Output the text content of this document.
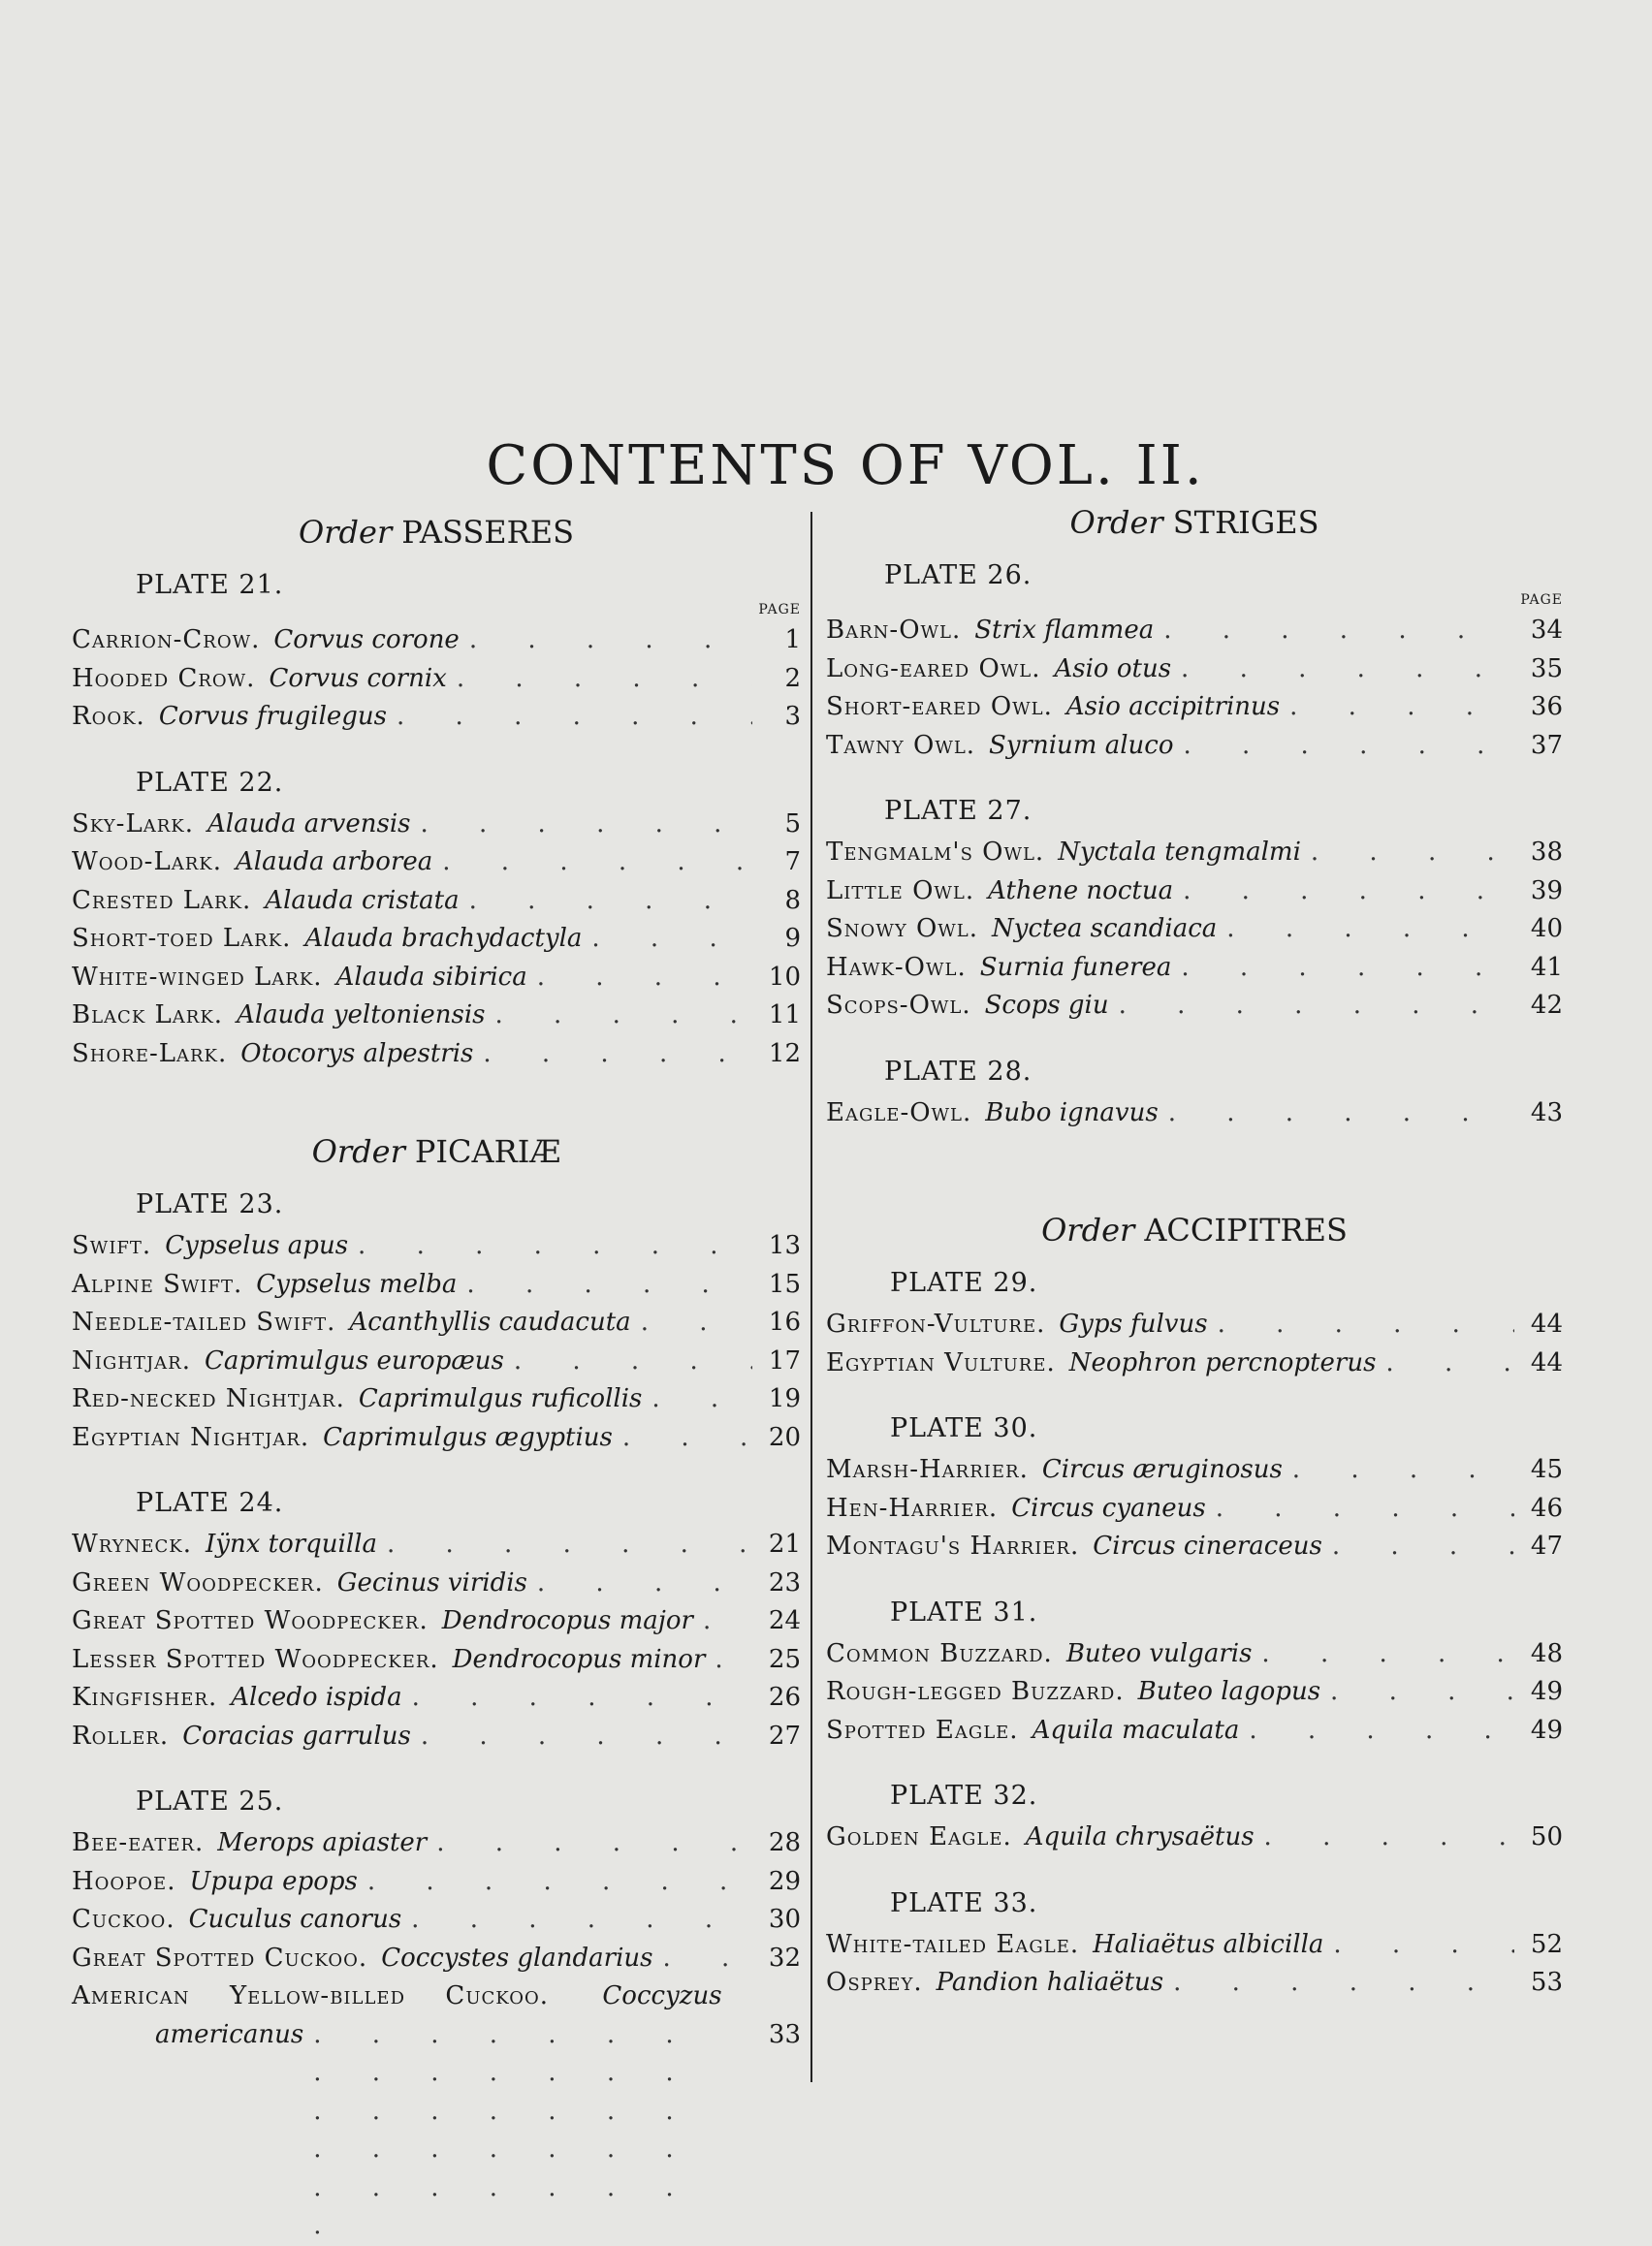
CONTENTS OF VOL. II.
Order PASSERES
PLATE 21.
PAGE
Carrion-Crow. Corvus corone . . .	1
Hooded Crow. Corvus cornix . . .	2
Rook. Corvus frugilegus . . .	3
PLATE 22.
Sky-Lark. Alauda arvensis . . .	5
Wood-Lark. Alauda arborea . . .	7
Crested Lark. Alauda cristata . . .	8
Short-toed Lark. Alauda brachydactyla . . .	9
White-winged Lark. Alauda sibirica . . .	10
Black Lark. Alauda yeltoniensis . . .	11
Shore-Lark. Otocorys alpestris . . .	12
Order PICARIÆ
PLATE 23.
Swift. Cypselus apus . . .	13
Alpine Swift. Cypselus melba . . .	15
Needle-tailed Swift. Acanthyllis caudacuta . . .	16
Nightjar. Caprimulgus europæus . . .	17
Red-necked Nightjar. Caprimulgus ruficollis . . .	19
Egyptian Nightjar. Caprimulgus ægyptius . . .	20
PLATE 24.
Wryneck. Iÿnx torquilla . . .	21
Green Woodpecker. Gecinus viridis . . .	23
Great Spotted Woodpecker. Dendrocopus major . . .	24
Lesser Spotted Woodpecker. Dendrocopus minor . . .	25
Kingfisher. Alcedo ispida . . .	26
Roller. Coracias garrulus . . .	27
PLATE 25.
Bee-eater. Merops apiaster . . .	28
Hoopoe. Upupa epops . . .	29
Cuckoo. Cuculus canorus . . .	30
Great Spotted Cuckoo. Coccystes glandarius . . .	32
American Yellow-billed Cuckoo. Coccyzus
americanus . . .	33
Order STRIGES
PLATE 26.
PAGE
Barn-Owl. Strix flammea . . .	34
Long-eared Owl. Asio otus . . .	35
Short-eared Owl. Asio accipitrinus . . .	36
Tawny Owl. Syrnium aluco . . .	37
PLATE 27.
Tengmalm's Owl. Nyctala tengmalmi . . .	38
Little Owl. Athene noctua . . .	39
Snowy Owl. Nyctea scandiaca . . .	40
Hawk-Owl. Surnia funerea . . .	41
Scops-Owl. Scops giu . . .	42
PLATE 28.
Eagle-Owl. Bubo ignavus . . .	43
Order ACCIPITRES
PLATE 29.
Griffon-Vulture. Gyps fulvus . . .	44
Egyptian Vulture. Neophron percnopterus . . .	44
PLATE 30.
Marsh-Harrier. Circus æruginosus . . .	45
Hen-Harrier. Circus cyaneus . . .	46
Montagu's Harrier. Circus cineraceus . . .	47
PLATE 31.
Common Buzzard. Buteo vulgaris . . .	48
Rough-legged Buzzard. Buteo lagopus . . .	49
Spotted Eagle. Aquila maculata . . .	49
PLATE 32.
Golden Eagle. Aquila chrysaëtus . . .	50
PLATE 33.
White-tailed Eagle. Haliaëtus albicilla . . .	52
Osprey. Pandion haliaëtus . . .	53
